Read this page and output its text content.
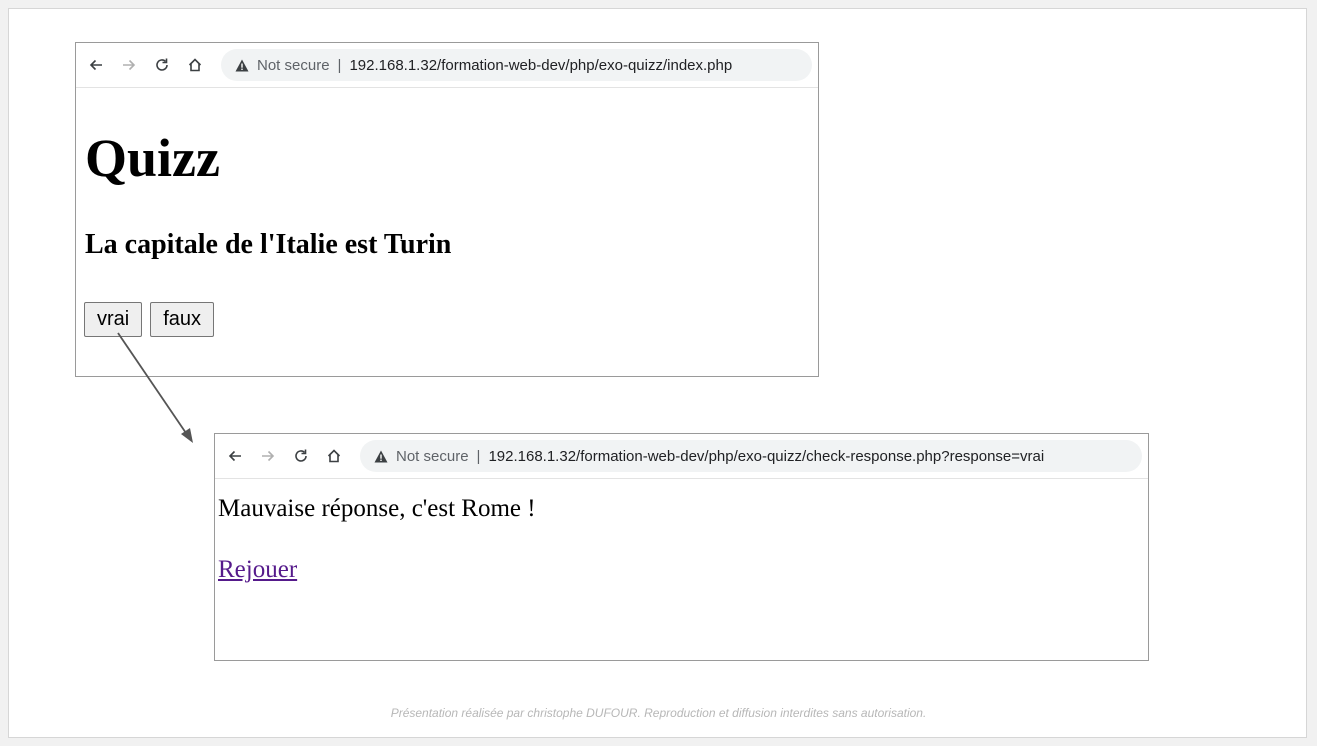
Not secure | 192.168.1.32/formation-web-dev/php/exo-quizz/index.php
Quizz
La capitale de l'Italie est Turin
vrai	faux
Not secure | 192.168.1.32/formation-web-dev/php/exo-quizz/check-response.php?response=vrai
Mauvaise réponse, c'est Rome !
Rejouer
Présentation réalisée par christophe DUFOUR. Reproduction et diffusion interdites sans autorisation.
